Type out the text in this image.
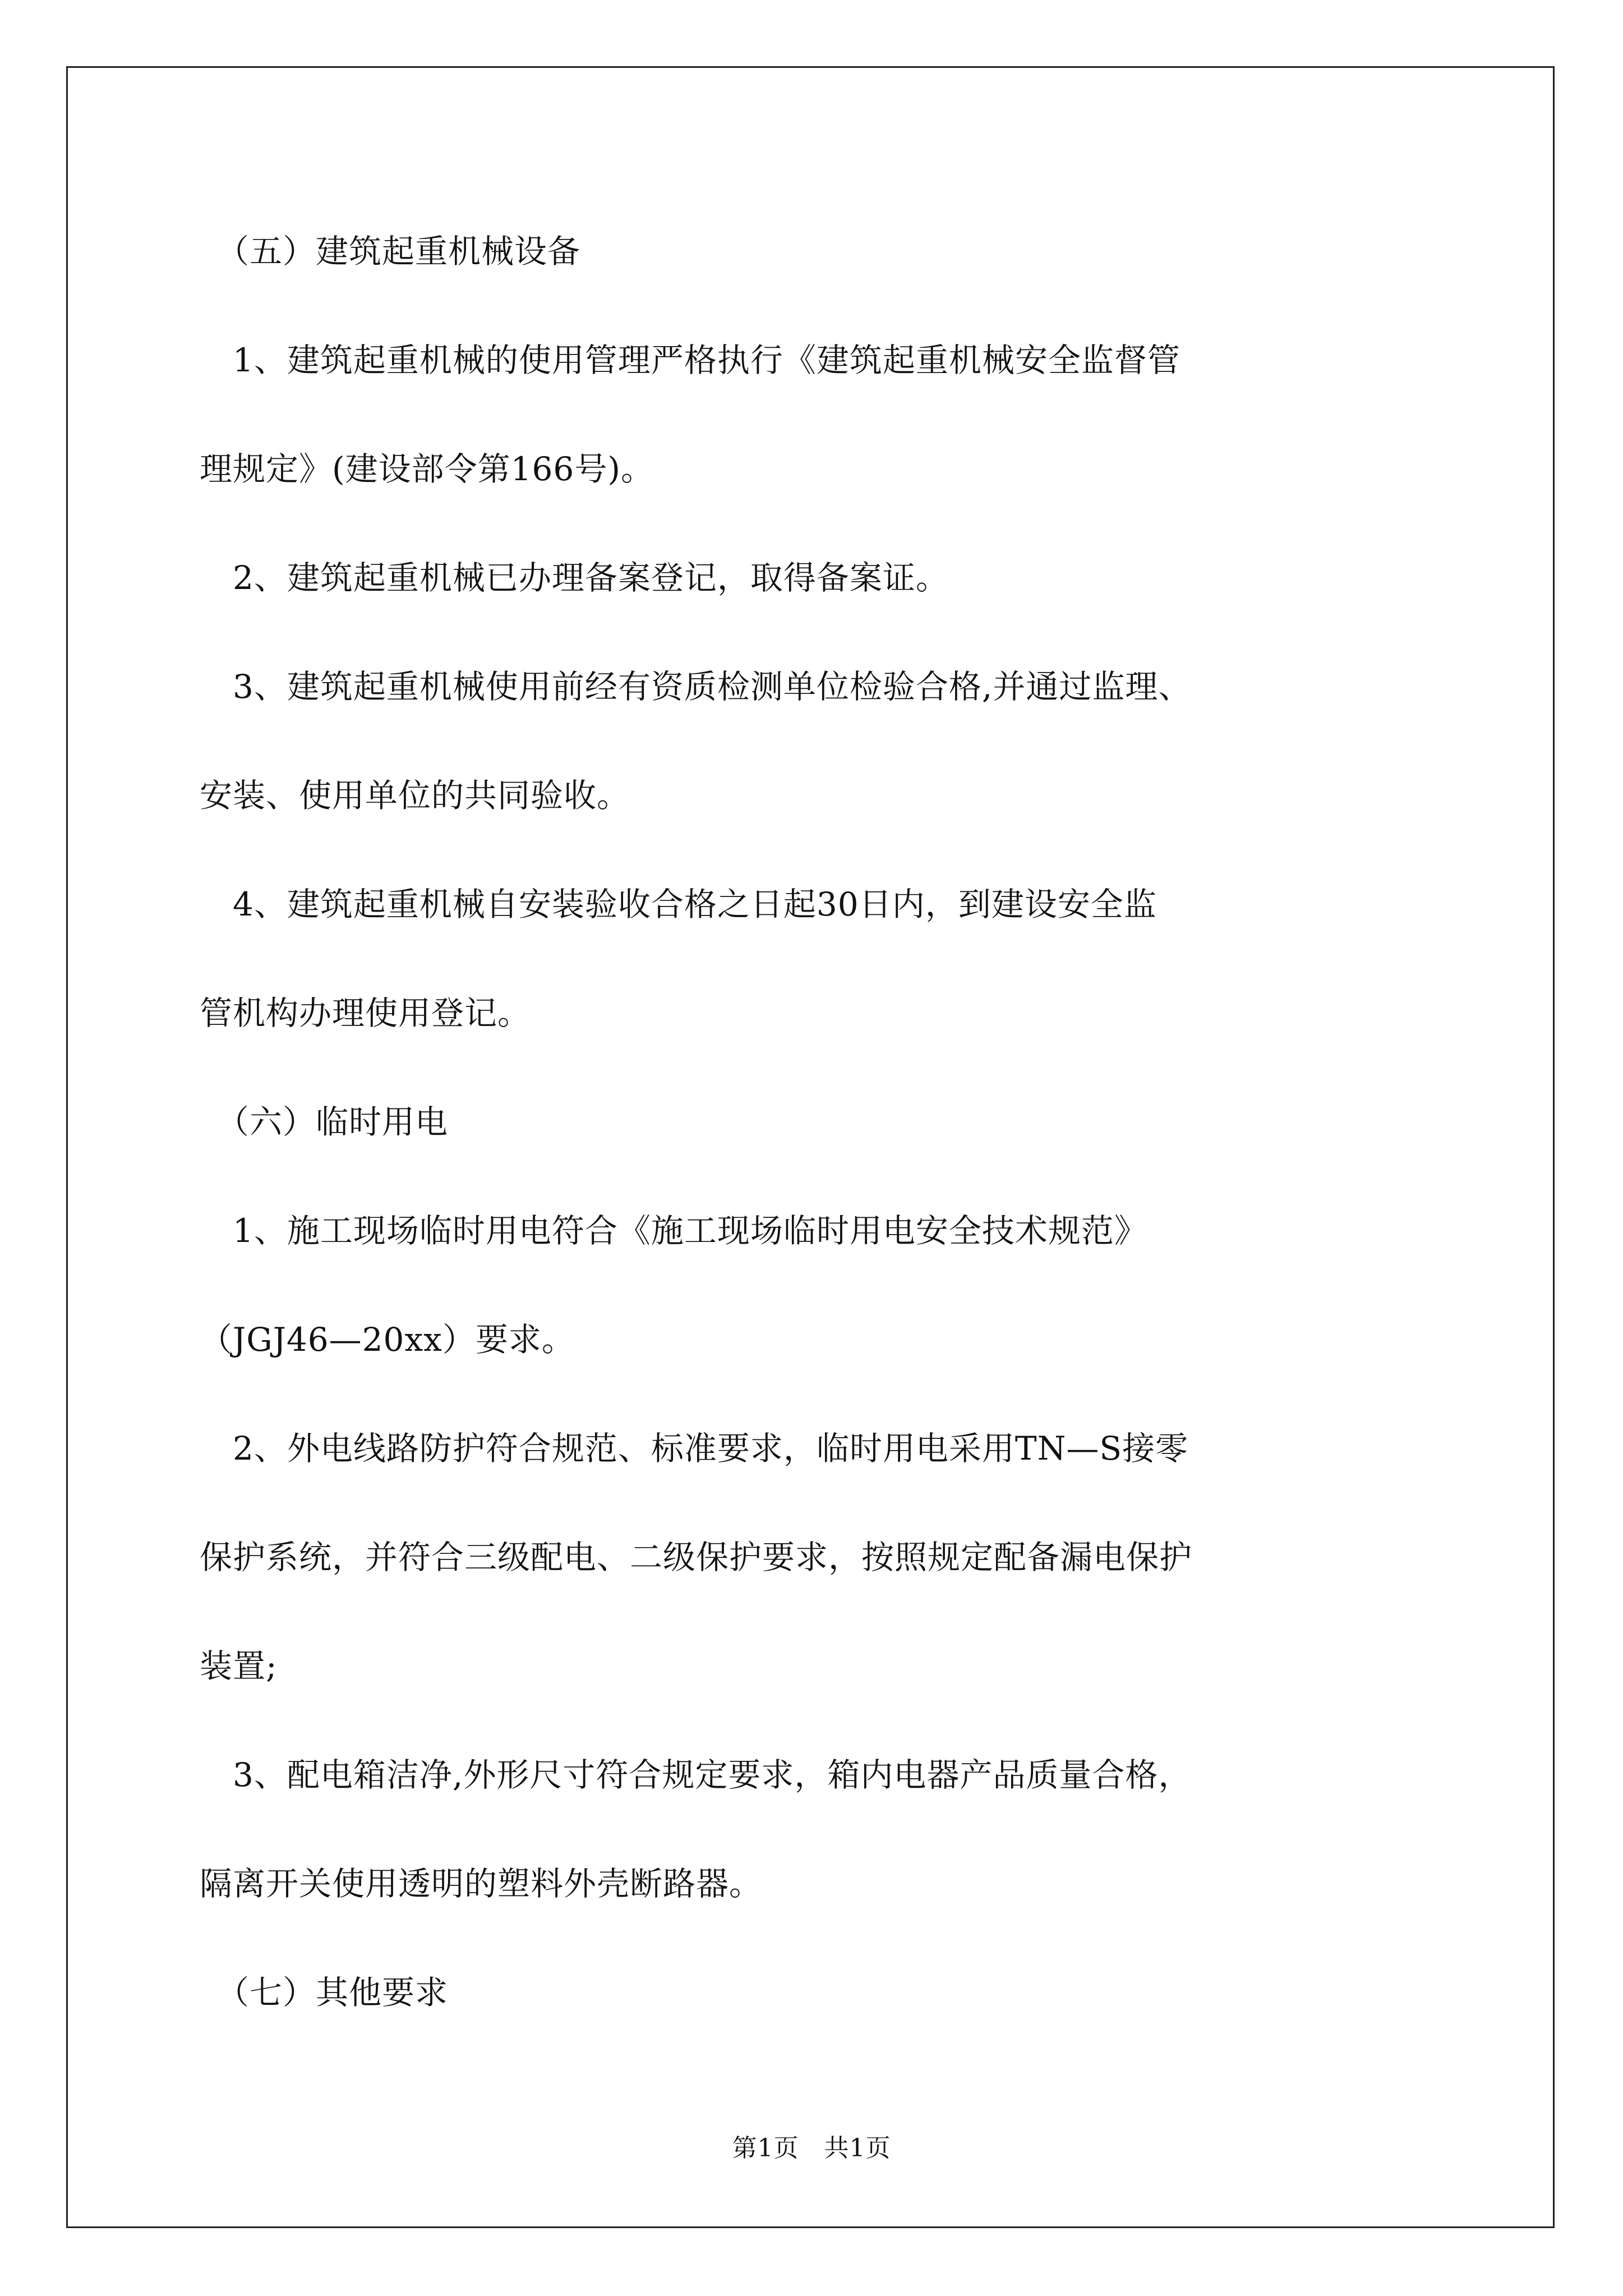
　（五）建筑起重机械设备
　1、建筑起重机械的使用管理严格执行《建筑起重机械安全监督管
理规定》(建设部令第166号)。
　2、建筑起重机械已办理备案登记，取得备案证。
　3、建筑起重机械使用前经有资质检测单位检验合格,并通过监理、
安装、使用单位的共同验收。
　4、建筑起重机械自安装验收合格之日起30日内，到建设安全监
管机构办理使用登记。
　（六）临时用电
　1、施工现场临时用电符合《施工现场临时用电安全技术规范》
（JGJ46—20xx）要求。
　2、外电线路防护符合规范、标准要求，临时用电采用TN—S接零
保护系统，并符合三级配电、二级保护要求，按照规定配备漏电保护
装置;
　3、配电箱洁净,外形尺寸符合规定要求，箱内电器产品质量合格，
隔离开关使用透明的塑料外壳断路器。
　（七）其他要求
第1页　共1页
